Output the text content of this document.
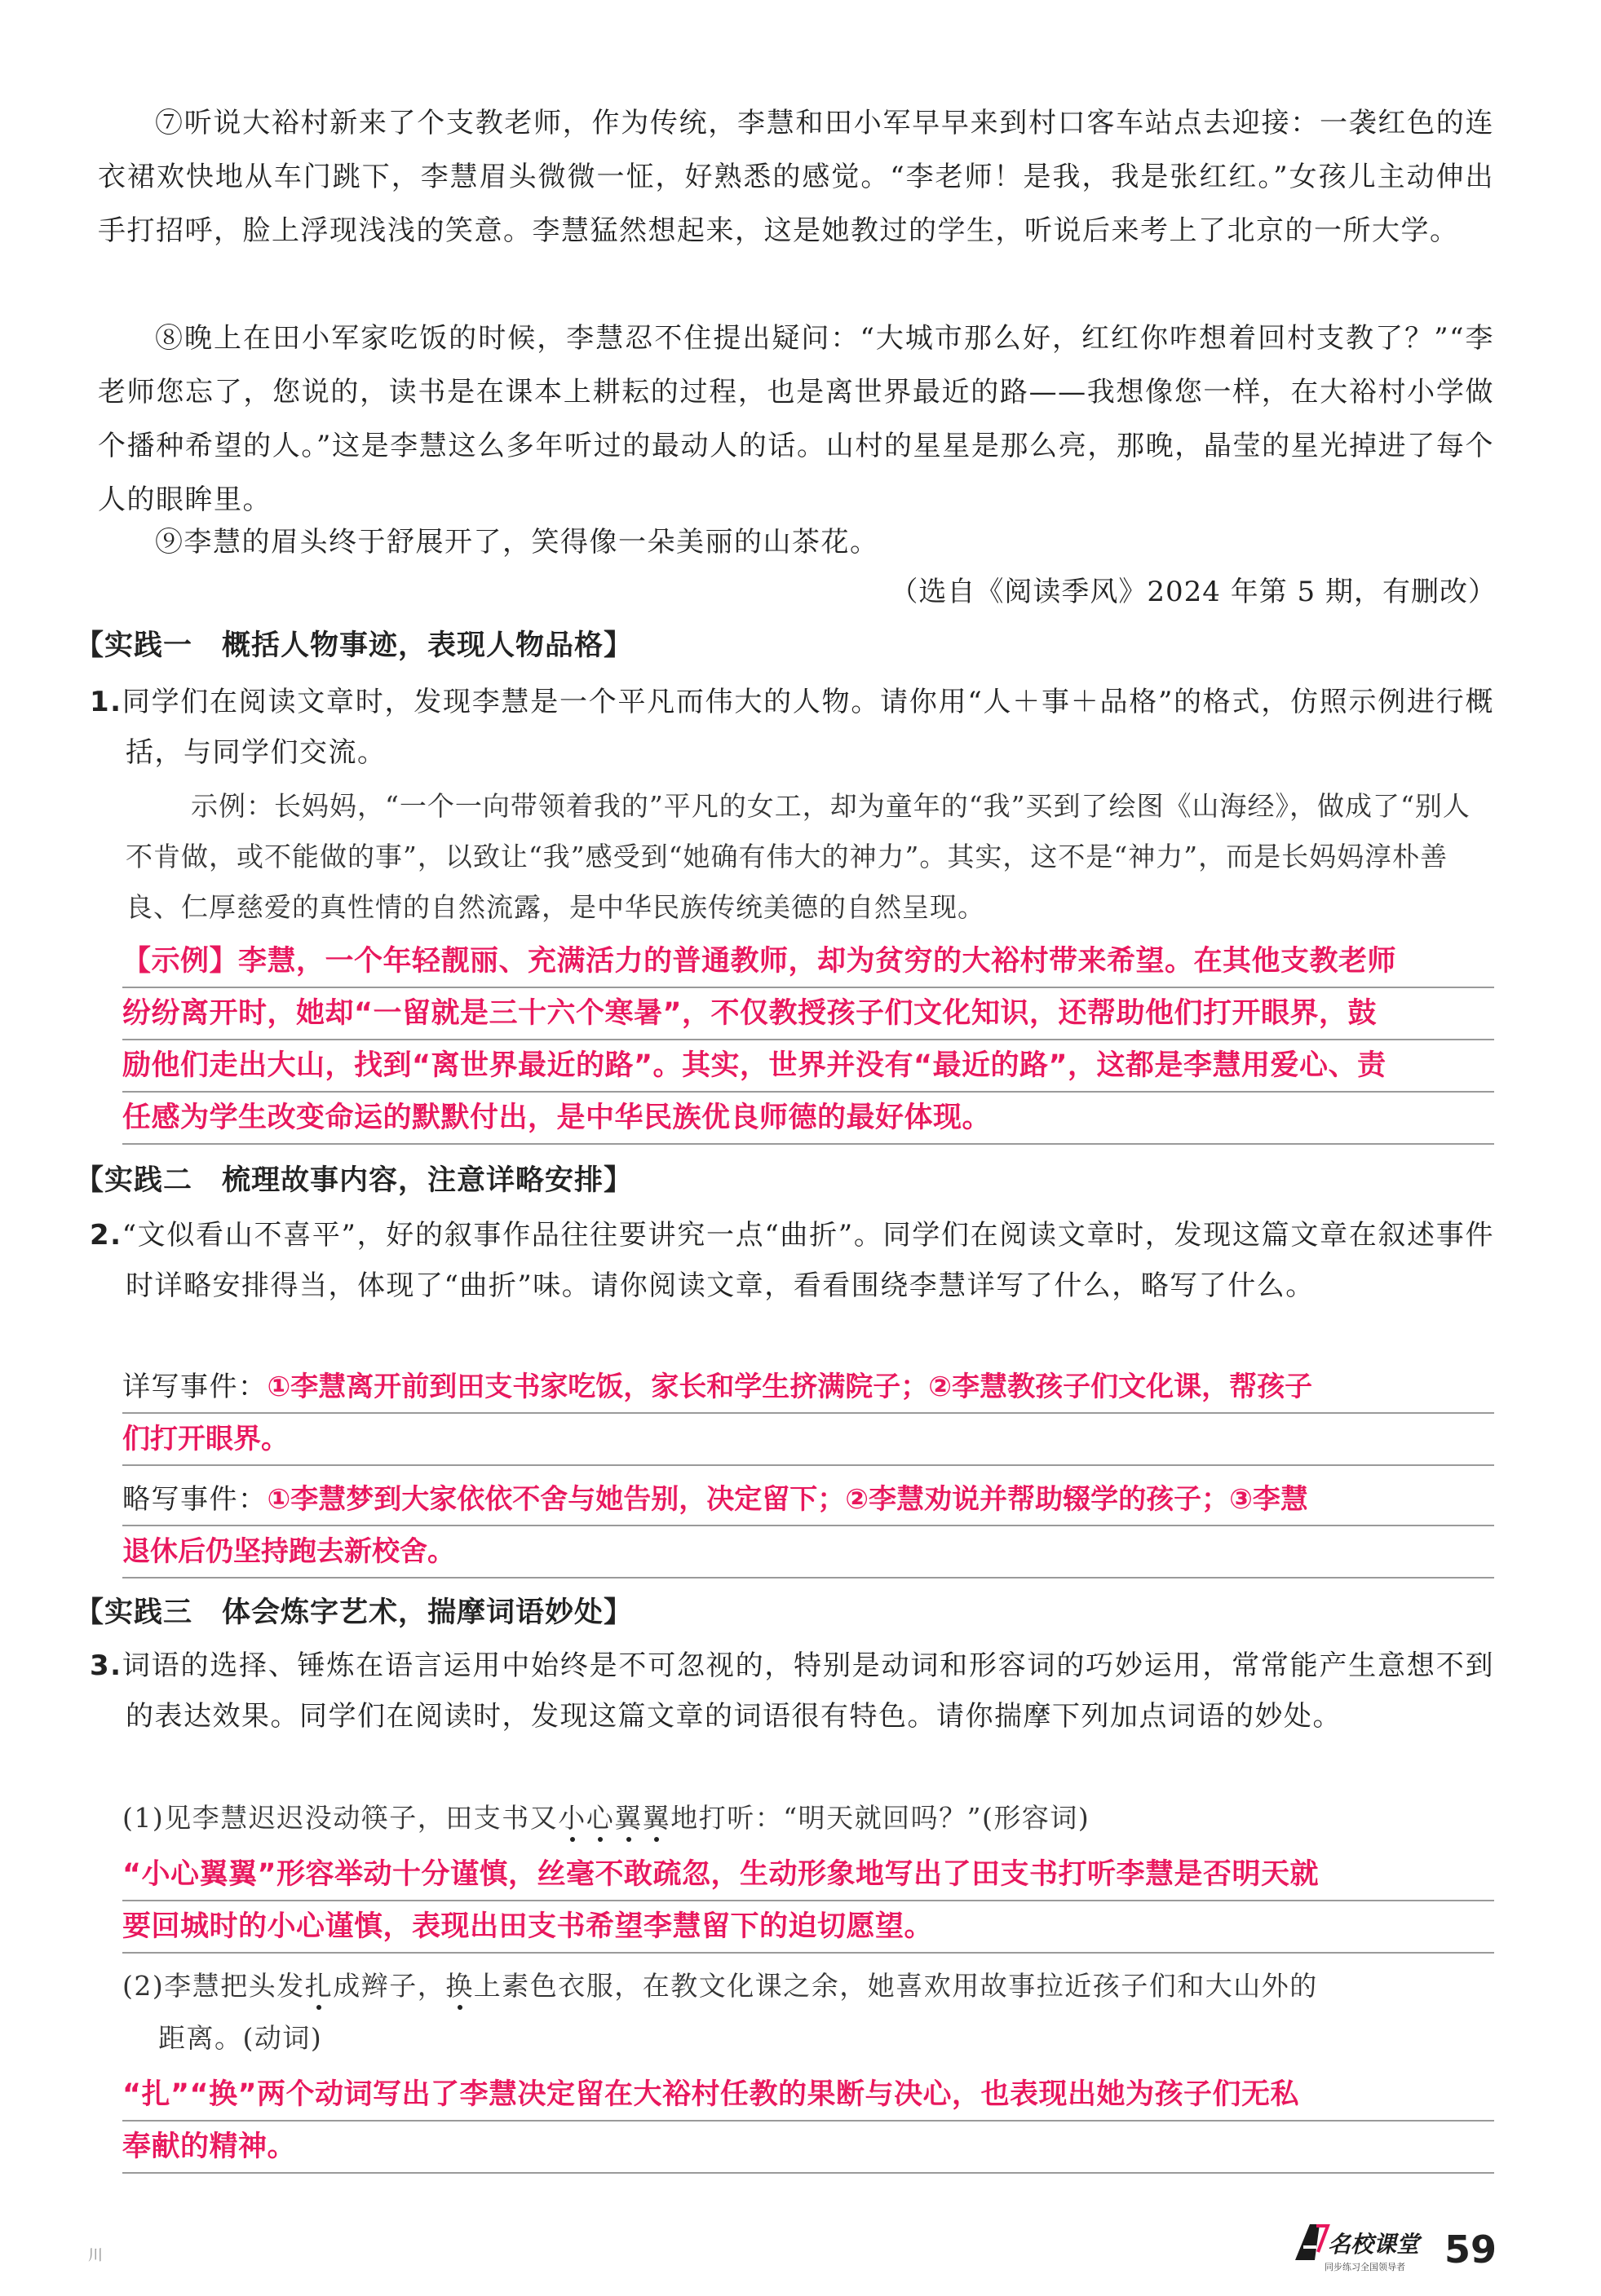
⑦听说大裕村新来了个支教老师，作为传统，李慧和田小军早早来到村口客车站点去迎接：一袭红色的连衣裙欢快地从车门跳下，李慧眉头微微一怔，好熟悉的感觉。“李老师！是我，我是张红红。”女孩儿主动伸出手打招呼，脸上浮现浅浅的笑意。李慧猛然想起来，这是她教过的学生，听说后来考上了北京的一所大学。
⑧晚上在田小军家吃饭的时候，李慧忍不住提出疑问：“大城市那么好，红红你咋想着回村支教了？”“李老师您忘了，您说的，读书是在课本上耕耘的过程，也是离世界最近的路——我想像您一样，在大裕村小学做个播种希望的人。”这是李慧这么多年听过的最动人的话。山村的星星是那么亮，那晚，晶莹的星光掉进了每个人的眼眸里。
⑨李慧的眉头终于舒展开了，笑得像一朵美丽的山茶花。
（选自《阅读季风》2024 年第 5 期，有删改）
【实践一　概括人物事迹，表现人物品格】
1.同学们在阅读文章时，发现李慧是一个平凡而伟大的人物。请你用“人＋事＋品格”的格式，仿照示例进行概括，与同学们交流。
示例：长妈妈，“一个一向带领着我的”平凡的女工，却为童年的“我”买到了绘图《山海经》，做成了“别人不肯做，或不能做的事”，以致让“我”感受到“她确有伟大的神力”。其实，这不是“神力”，而是长妈妈淳朴善良、仁厚慈爱的真性情的自然流露，是中华民族传统美德的自然呈现。
【示例】李慧，一个年轻靓丽、充满活力的普通教师，却为贫穷的大裕村带来希望。在其他支教老师
纷纷离开时，她却“一留就是三十六个寒暑”，不仅教授孩子们文化知识，还帮助他们打开眼界，鼓
励他们走出大山，找到“离世界最近的路”。其实，世界并没有“最近的路”，这都是李慧用爱心、责
任感为学生改变命运的默默付出，是中华民族优良师德的最好体现。
【实践二　梳理故事内容，注意详略安排】
2.“文似看山不喜平”，好的叙事作品往往要讲究一点“曲折”。同学们在阅读文章时，发现这篇文章在叙述事件时详略安排得当，体现了“曲折”味。请你阅读文章，看看围绕李慧详写了什么，略写了什么。
详写事件：①李慧离开前到田支书家吃饭，家长和学生挤满院子；②李慧教孩子们文化课，帮孩子
们打开眼界。
略写事件：①李慧梦到大家依依不舍与她告别，决定留下；②李慧劝说并帮助辍学的孩子；③李慧
退休后仍坚持跑去新校舍。
【实践三　体会炼字艺术，揣摩词语妙处】
3.词语的选择、锤炼在语言运用中始终是不可忽视的，特别是动词和形容词的巧妙运用，常常能产生意想不到的表达效果。同学们在阅读时，发现这篇文章的词语很有特色。请你揣摩下列加点词语的妙处。
(1)见李慧迟迟没动筷子，田支书又小心翼翼地打听：“明天就回吗？”(形容词)
“小心翼翼”形容举动十分谨慎，丝毫不敢疏忽，生动形象地写出了田支书打听李慧是否明天就
要回城时的小心谨慎，表现出田支书希望李慧留下的迫切愿望。
(2)李慧把头发扎成辫子，换上素色衣服，在教文化课之余，她喜欢用故事拉近孩子们和大山外的
距离。(动词)
“扎”“换”两个动词写出了李慧决定留在大裕村任教的果断与决心，也表现出她为孩子们无私
奉献的精神。
川	名校课堂
同步练习全国领导者 59
